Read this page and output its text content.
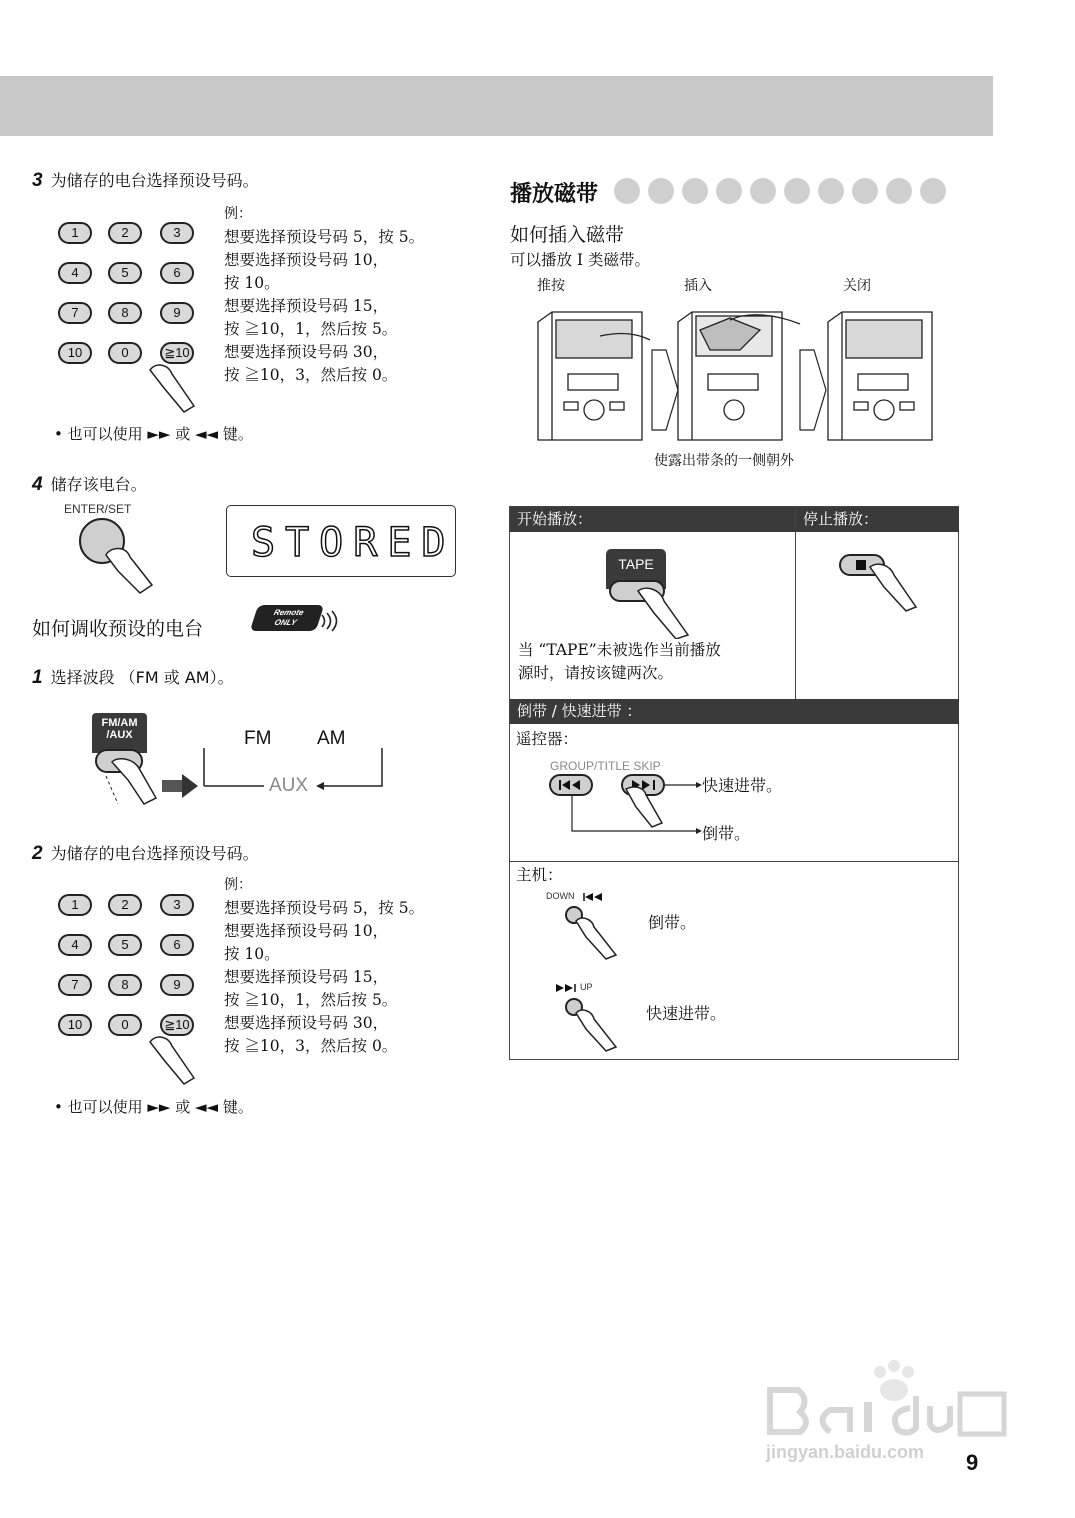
3 为储存的电台选择预设号码。
1	2	3
4	5	6
7	8	9
10	0	≧10
例：
想要选择预设号码 5，按 5。
想要选择预设号码 10，
按 10。
想要选择预设号码 15，
按 ≧10，1，然后按 5。
想要选择预设号码 30，
按 ≧10，3，然后按 0。
• 也可以使用 ►► 或 ◄◄ 键。
4 储存该电台。
ENTER/SET
STORED
如何调收预设的电台
Remote
ONLY
1 选择波段 （FM 或 AM）。
FM/AM
/AUX	FM AM
AUX
2 为储存的电台选择预设号码。
1	2	3
4	5	6
7	8	9
10	0	≧10
例：
想要选择预设号码 5，按 5。
想要选择预设号码 10，
按 10。
想要选择预设号码 15，
按 ≧10，1，然后按 5。
想要选择预设号码 30，
按 ≧10，3，然后按 0。
• 也可以使用 ►► 或 ◄◄ 键。
播放磁带
如何插入磁带
可以播放 I 类磁带。
推按	插入	关闭
使露出带条的一侧朝外
开始播放：	停止播放：
TAPE
当 “TAPE”未被选作当前播放
源时，请按该键两次。
倒带 / 快速进带 ：
遥控器：
GROUP/TITLE SKIP
快速进带。
倒带。
主机：
DOWN
倒带。
UP
快速进带。
jingyan.baidu.com 9
